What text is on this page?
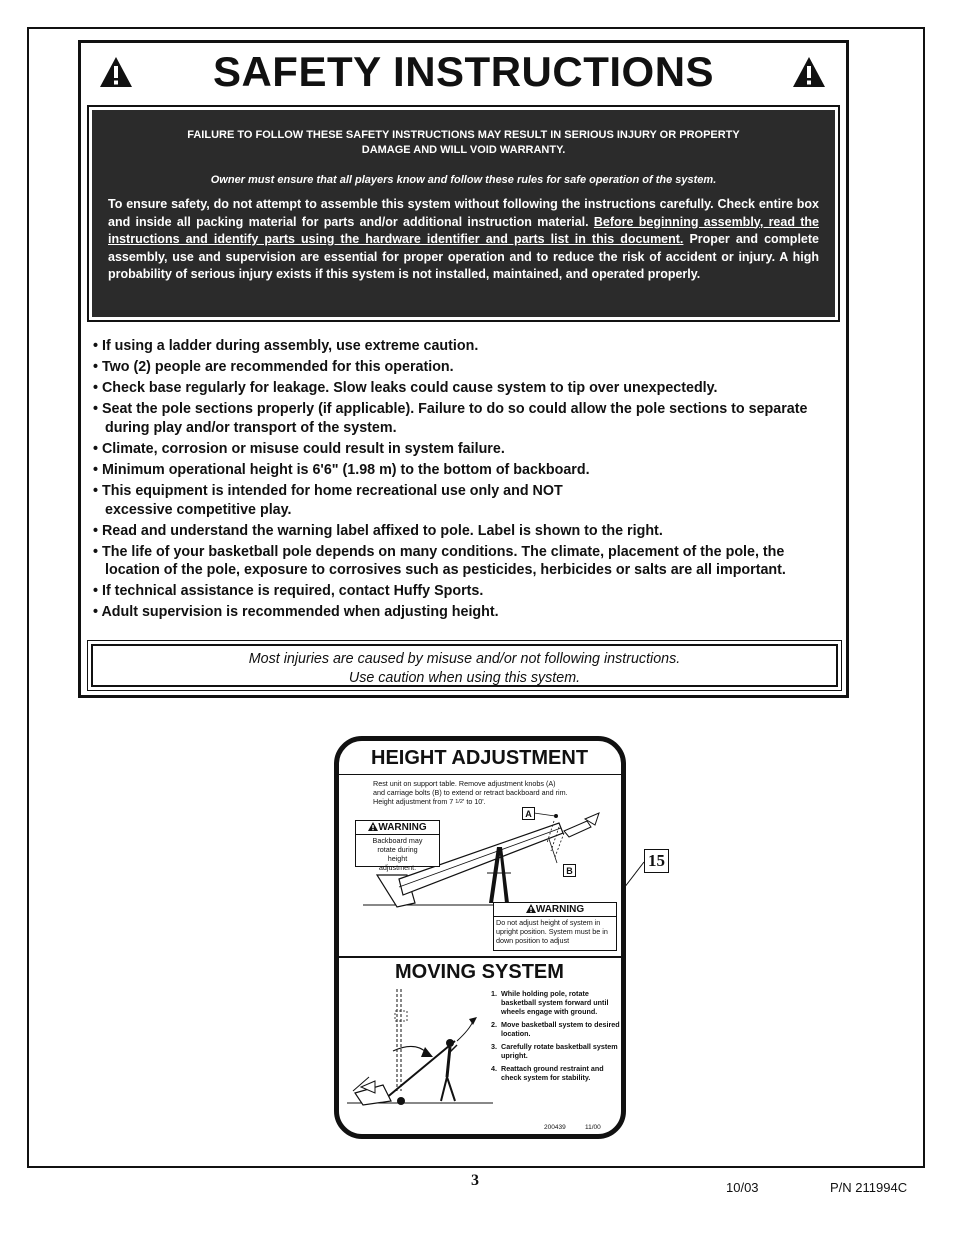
SAFETY INSTRUCTIONS

FAILURE TO FOLLOW THESE SAFETY INSTRUCTIONS MAY RESULT IN SERIOUS INJURY OR PROPERTY DAMAGE AND WILL VOID WARRANTY.

Owner must ensure that all players know and follow these rules for safe operation of the system.

To ensure safety, do not attempt to assemble this system without following the instructions carefully. Check entire box and inside all packing material for parts and/or additional instruction material. Before beginning assembly, read the instructions and identify parts using the hardware identifier and parts list in this document. Proper and complete assembly, use and supervision are essential for proper operation and to reduce the risk of accident or injury. A high probability of serious injury exists if this system is not installed, maintained, and operated properly.

• If using a ladder during assembly, use extreme caution.
• Two (2) people are recommended for this operation.
• Check base regularly for leakage. Slow leaks could cause system to tip over unexpectedly.
• Seat the pole sections properly (if applicable). Failure to do so could allow the pole sections to separate during play and/or transport of the system.
• Climate, corrosion or misuse could result in system failure.
• Minimum operational height is 6'6" (1.98 m) to the bottom of backboard.
• This equipment is intended for home recreational use only and NOT excessive competitive play.
• Read and understand the warning label affixed to pole. Label is shown to the right.
• The life of your basketball pole depends on many conditions. The climate, placement of the pole, the location of the pole, exposure to corrosives such as pesticides, herbicides or salts are all important.
• If technical assistance is required, contact Huffy Sports.
• Adult supervision is recommended when adjusting height.
Most injuries are caused by misuse and/or not following instructions.
Use caution when using this system.
HEIGHT ADJUSTMENT
Rest unit on support table. Remove adjustment knobs (A)
and carriage bolts (B) to extend or retract backboard and rim.
Height adjustment from 7 1/2' to 10'.
A
B
WARNING
Backboard may rotate during height adjustment.
WARNING
Do not adjust height of system in upright position. System must be in down position to adjust
MOVING SYSTEM
1. While holding pole, rotate basketball system forward until wheels engage with ground.
2. Move basketball system to desired location.
3. Carefully rotate basketball system upright.
4. Reattach ground restraint and check system for stability.
200439	11/00
15
3	10/03	P/N 211994C
